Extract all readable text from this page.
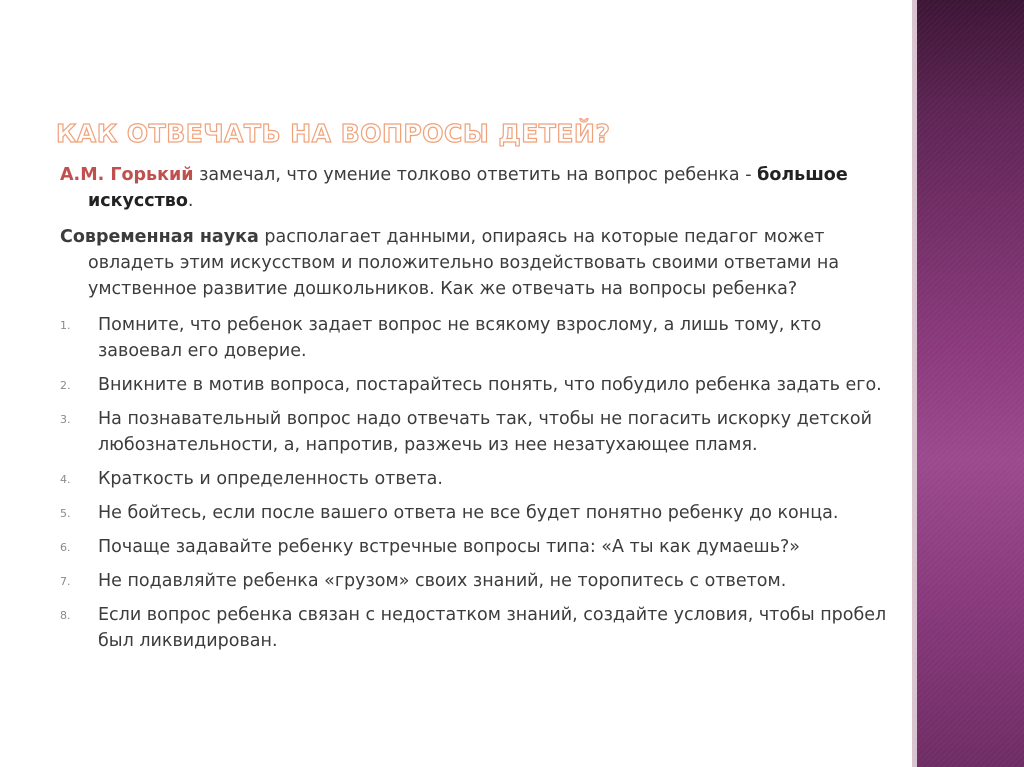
КАК ОТВЕЧАТЬ НА ВОПРОСЫ ДЕТЕЙ?

А.М. Горький замечал, что умение толково ответить на вопрос ребенка - большое искусство.

Современная наука располагает данными, опираясь на которые педагог может овладеть этим искусством и положительно воздействовать своими ответами на умственное развитие дошкольников. Как же отвечать на вопросы ребенка?

1. Помните, что ребенок задает вопрос не всякому взрослому, а лишь тому, кто завоевал его доверие.
2. Вникните в мотив вопроса, постарайтесь понять, что побудило ребенка задать его.
3. На познавательный вопрос надо отвечать так, чтобы не погасить искорку детской любознательности, а, напротив, разжечь из нее незатухающее пламя.
4. Краткость и определенность ответа.
5. Не бойтесь, если после вашего ответа не все будет понятно ребенку до конца.
6. Почаще задавайте ребенку встречные вопросы типа: «А ты как думаешь?»
7. Не подавляйте ребенка «грузом» своих знаний, не торопитесь с ответом.
8. Если вопрос ребенка связан с недостатком знаний, создайте условия, чтобы пробел был ликвидирован.
